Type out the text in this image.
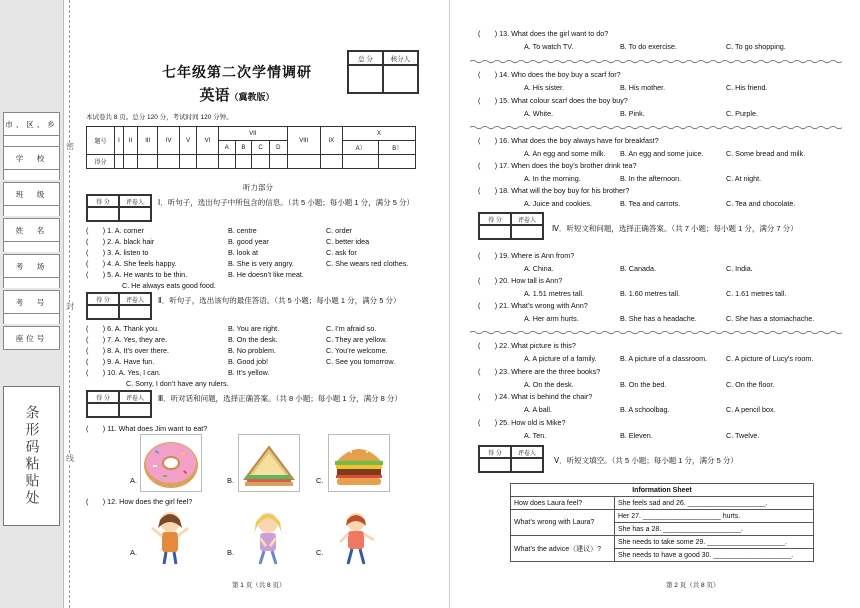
市、区、乡
学　校
班　级
姓　名
考　场
考　号
座位号
条形码粘贴处
密
封
线
七年级第二次学情调研
英语（冀教版）
总 分	核分人
本试卷共 8 页。总分 120 分，考试时间 120 分钟。
题号	I	II	III	IV	V	VI	VII				VIII	IX	X	
							A	B	C	D			A）	B）
得分														
听力部分
得 分	评卷人	Ⅰ．听句子，选出句子中所包含的信息。（共 5 小题；每小题 1 分，满分 5 分）
(　　) 1. A. corner	B. centre	C. order
(　　) 2. A. black hair	B. good year	C. better idea
(　　) 3. A. listen to	B. look at	C. ask for
(　　) 4. A. She feels happy.	B. She is very angry.	C. She wears red clothes.
(　　) 5. A. He wants to be thin.	B. He doesn’t like meat.
C. He always eats good food.
得 分	评卷人	Ⅱ．听句子，选出该句的最佳答语。（共 5 小题；每小题 1 分，满分 5 分）
(　　) 6. A. Thank you.	B. You are right.	C. I’m afraid so.
(　　) 7. A. Yes, they are.	B. On the desk.	C. They are yellow.
(　　) 8. A. It’s over there.	B. No problem.	C. You’re welcome.
(　　) 9. A. Have fun.	B. Good job!	C. See you tomorrow.
(　　) 10. A. Yes, I can.	B. It’s yellow.
C. Sorry, I don’t have any rulers.
得 分	评卷人	Ⅲ．听对话和问题，选择正确答案。（共 8 小题；每小题 1 分，满分 8 分）
(　　) 11. What does Jim want to eat?
A.	B.	C.
(　　) 12. How does the girl feel?
A.	B.	C.
第 1 页（共 8 页）
(　　) 13. What does the girl want to do?
A. To watch TV.	B. To do exercise.	C. To go shopping.
(　　) 14. Who does the boy buy a scarf for?
A. His sister.	B. His mother.	C. His friend.
(　　) 15. What colour scarf does the boy buy?
A. White.	B. Pink.	C. Purple.
(　　) 16. What does the boy always have for breakfast?
A. An egg and some milk. B. An egg and some juice.	C. Some bread and milk.
(　　) 17. When does the boy’s brother drink tea?
A. In the morning.	B. In the afternoon.	C. At night.
(　　) 18. What will the boy buy for his brother?
A. Juice and cookies.	B. Tea and carrots.	C. Tea and chocolate.
得 分	评卷人
Ⅳ．听短文和问题，选择正确答案。（共 7 小题；每小题 1 分，满分 7 分）
(　　) 19. Where is Ann from?
A. China.	B. Canada.	C. India.
(　　) 20. How tall is Ann?
A. 1.51 metres tall.	B. 1.60 metres tall.	C. 1.61 metres tall.
(　　) 21. What’s wrong with Ann?
A. Her arm hurts.	B. She has a headache.	C. She has a stomachache.
(　　) 22. What picture is this?
A. A picture of a family.	B. A picture of a classroom.	C. A picture of Lucy’s room.
(　　) 23. Where are the three books?
A. On the desk.	B. On the bed.	C. On the floor.
(　　) 24. What is behind the chair?
A. A ball.	B. A schoolbag.	C. A pencil box.
(　　) 25. How old is Mike?
A. Ten.	B. Eleven.	C. Twelve.
得 分	评卷人
Ⅴ．听短文填空。（共 5 小题；每小题 1 分，满分 5 分）
Information Sheet	
How does Laura feel?	She feels sad and 26. ____________________.
What’s wrong with Laura?	Her 27. ____________________ hurts.
	She has a 28. ____________________.
What’s the advice（建议）?	She needs to take some 29. ____________________.
	She needs to have a good 30. ____________________.
第 2 页（共 8 页）
